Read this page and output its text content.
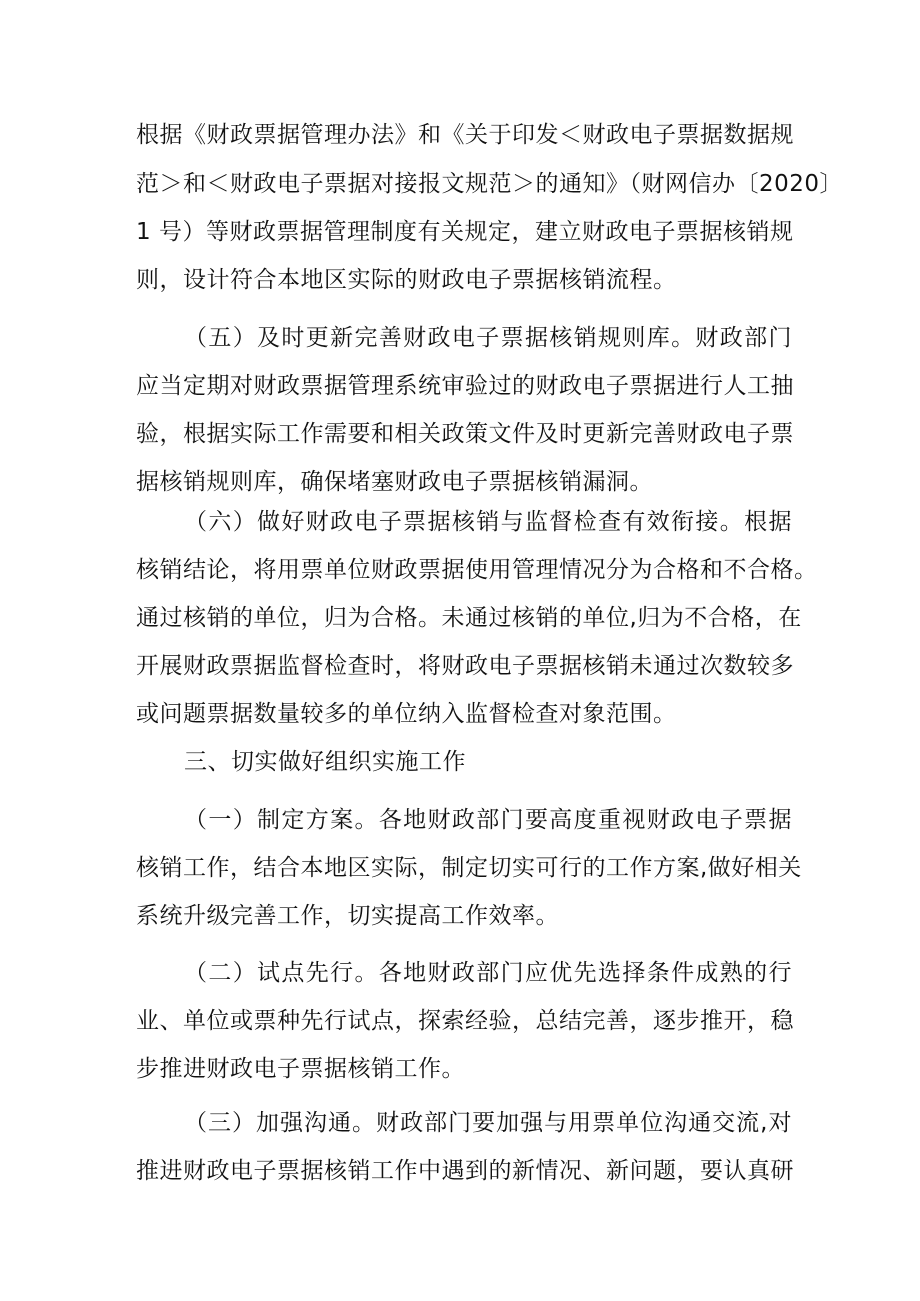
根据《财政票据管理办法》和《关于印发＜财政电子票据数据规
范＞和＜财政电子票据对接报文规范＞的通知》（财网信办〔2020〕
1 号）等财政票据管理制度有关规定，建立财政电子票据核销规
则，设计符合本地区实际的财政电子票据核销流程。
（五）及时更新完善财政电子票据核销规则库。财政部门
应当定期对财政票据管理系统审验过的财政电子票据进行人工抽
验，根据实际工作需要和相关政策文件及时更新完善财政电子票
据核销规则库，确保堵塞财政电子票据核销漏洞。
（六）做好财政电子票据核销与监督检查有效衔接。根据
核销结论，将用票单位财政票据使用管理情况分为合格和不合格。
通过核销的单位，归为合格。未通过核销的单位,归为不合格，在
开展财政票据监督检查时，将财政电子票据核销未通过次数较多
或问题票据数量较多的单位纳入监督检查对象范围。
三、切实做好组织实施工作
（一）制定方案。各地财政部门要高度重视财政电子票据
核销工作，结合本地区实际，制定切实可行的工作方案,做好相关
系统升级完善工作，切实提高工作效率。
（二）试点先行。各地财政部门应优先选择条件成熟的行
业、单位或票种先行试点，探索经验，总结完善，逐步推开，稳
步推进财政电子票据核销工作。
（三）加强沟通。财政部门要加强与用票单位沟通交流,对
推进财政电子票据核销工作中遇到的新情况、新问题，要认真研
